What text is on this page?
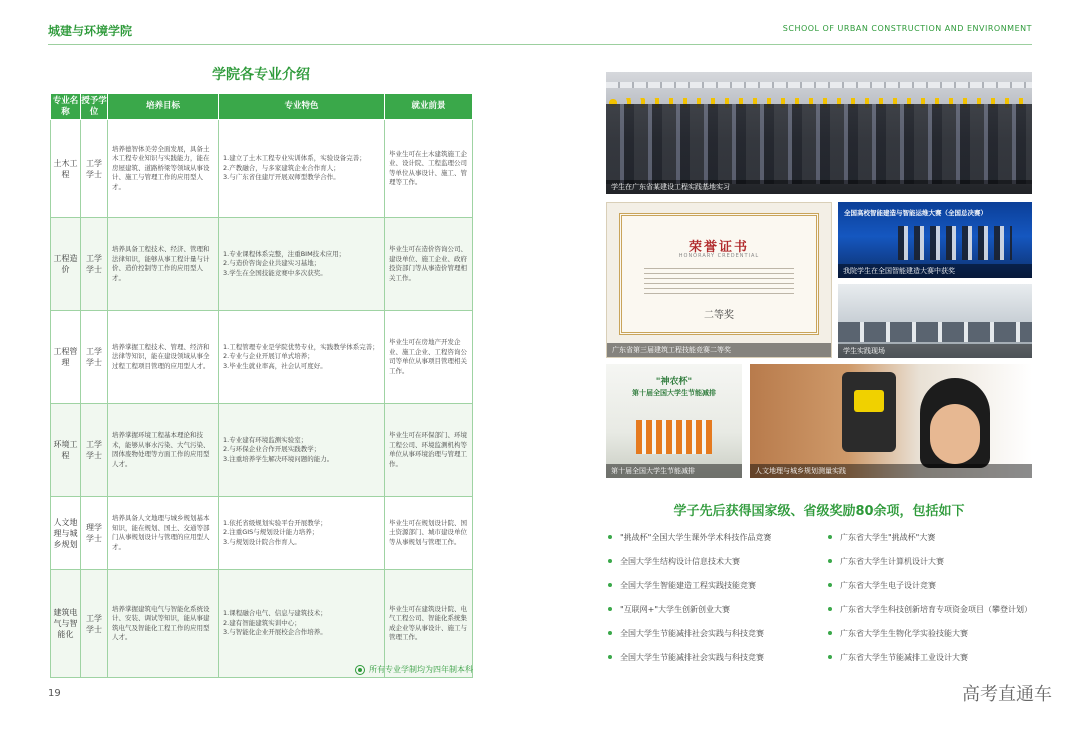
城建与环境学院	SCHOOL OF URBAN CONSTRUCTION AND ENVIRONMENT
学院各专业介绍
专业名称	授予学位	培养目标	专业特色	就业前景
土木工程	工学学士	培养德智体美劳全面发展，具备土木工程专业知识与实践能力，能在房屋建筑、道路桥梁等领域从事设计、施工与管理工作的应用型人才。	1.建立了土木工程专业实训体系，实验设备完善；
2.产教融合，与多家建筑企业合作育人；
3.与广东省住建厅开展双师型教学合作。	毕业生可在土木建筑施工企业、设计院、工程监理公司等单位从事设计、施工、管理等工作。
工程造价	工学学士	培养具备工程技术、经济、管理和法律知识，能够从事工程计量与计价、造价控制等工作的应用型人才。	1.专业课程体系完整，注重BIM技术应用；
2.与造价咨询企业共建实习基地；
3.学生在全国技能竞赛中多次获奖。	毕业生可在造价咨询公司、建设单位、施工企业、政府投资部门等从事造价管理相关工作。
工程管理	工学学士	培养掌握工程技术、管理、经济和法律等知识，能在建设领域从事全过程工程项目管理的应用型人才。	1.工程管理专业是学院优势专业，实践教学体系完善；
2.专业与企业开展订单式培养；
3.毕业生就业率高，社会认可度好。	毕业生可在房地产开发企业、施工企业、工程咨询公司等单位从事项目管理相关工作。
环境工程	工学学士	培养掌握环境工程基本理论和技术，能够从事水污染、大气污染、固体废物处理等方面工作的应用型人才。	1.专业建有环境监测实验室；
2.与环保企业合作开展实践教学；
3.注重培养学生解决环境问题的能力。	毕业生可在环保部门、环境工程公司、环境监测机构等单位从事环境治理与管理工作。
人文地理与城乡规划	理学学士	培养具备人文地理与城乡规划基本知识，能在规划、国土、交通等部门从事规划设计与管理的应用型人才。	1.依托省级规划实验平台开展教学；
2.注重GIS与规划设计能力培养；
3.与规划设计院合作育人。	毕业生可在规划设计院、国土资源部门、城市建设单位等从事规划与管理工作。
建筑电气与智能化	工学学士	培养掌握建筑电气与智能化系统设计、安装、调试等知识，能从事建筑电气及智能化工程工作的应用型人才。	1.课程融合电气、信息与建筑技术；
2.建有智能建筑实训中心；
3.与智能化企业开展校企合作培养。	毕业生可在建筑设计院、电气工程公司、智能化系统集成企业等从事设计、施工与管理工作。
所有专业学制均为四年制本科
19	高考直通车
学生在广东省某建设工程实践基地实习
荣誉证书
HONORARY CREDENTIAL
二等奖
广东省第三届建筑工程技能竞赛二等奖
全国高校智能建造与智能运维大赛（全国总决赛）
我院学生在全国智能建造大赛中获奖
学生实践现场
"神农杯"
第十届全国大学生节能减排
第十届全国大学生节能减排	人文地理与城乡规划测量实践
学子先后获得国家级、省级奖励80余项，包括如下
"挑战杯"全国大学生课外学术科技作品竞赛	广东省大学生"挑战杯"大赛
全国大学生结构设计信息技术大赛	广东省大学生计算机设计大赛
全国大学生智能建造工程实践技能竞赛	广东省大学生电子设计竞赛
"互联网+"大学生创新创业大赛	广东省大学生科技创新培育专项资金项目（攀登计划）
全国大学生节能减排社会实践与科技竞赛	广东省大学生生物化学实验技能大赛
全国大学生节能减排社会实践与科技竞赛	广东省大学生节能减排工业设计大赛
